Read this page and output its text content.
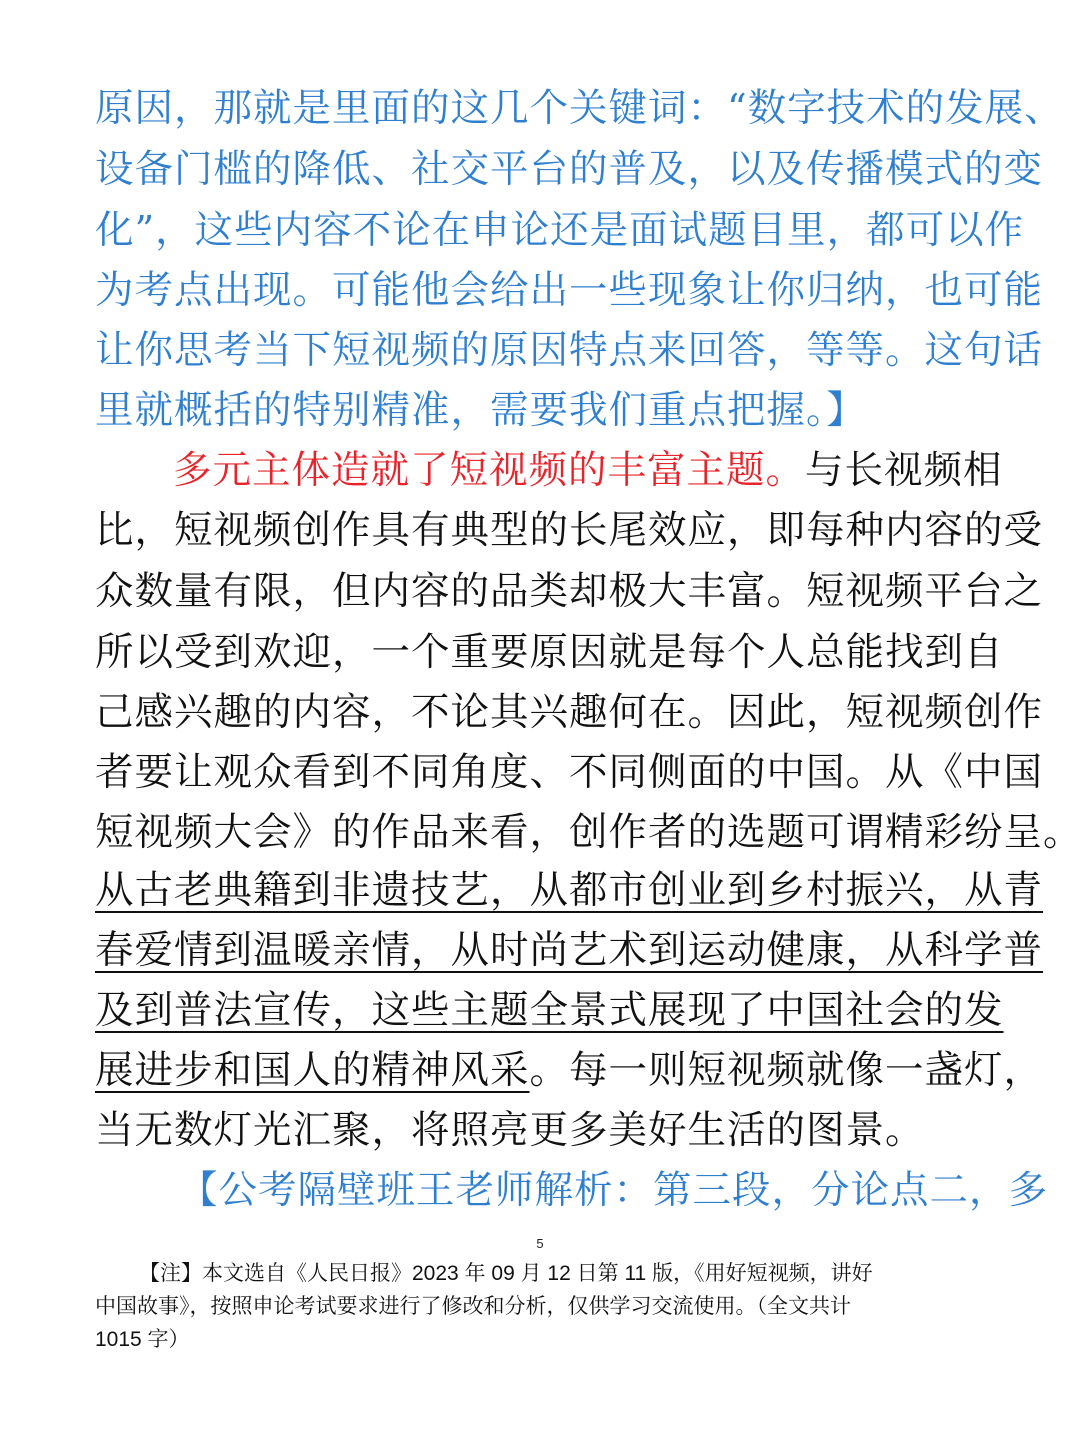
原因，那就是里面的这几个关键词：“数字技术的发展、
设备门槛的降低、社交平台的普及，以及传播模式的变
化”，这些内容不论在申论还是面试题目里，都可以作
为考点出现。可能他会给出一些现象让你归纳，也可能
让你思考当下短视频的原因特点来回答，等等。这句话
里就概括的特别精准，需要我们重点把握。】
多元主体造就了短视频的丰富主题。与长视频相
比，短视频创作具有典型的长尾效应，即每种内容的受
众数量有限，但内容的品类却极大丰富。短视频平台之
所以受到欢迎，一个重要原因就是每个人总能找到自
己感兴趣的内容，不论其兴趣何在。因此，短视频创作
者要让观众看到不同角度、不同侧面的中国。从《中国
短视频大会》的作品来看，创作者的选题可谓精彩纷呈。
从古老典籍到非遗技艺，从都市创业到乡村振兴，从青
春爱情到温暖亲情，从时尚艺术到运动健康，从科学普
及到普法宣传，这些主题全景式展现了中国社会的发
展进步和国人的精神风采。每一则短视频就像一盏灯，
当无数灯光汇聚，将照亮更多美好生活的图景。
【公考隔壁班王老师解析：第三段，分论点二，多
5
【注】本文选自《人民日报》2023 年 09 月 12 日第 11 版，《用好短视频，讲好
中国故事》，按照申论考试要求进行了修改和分析，仅供学习交流使用。（全文共计
1015 字）
